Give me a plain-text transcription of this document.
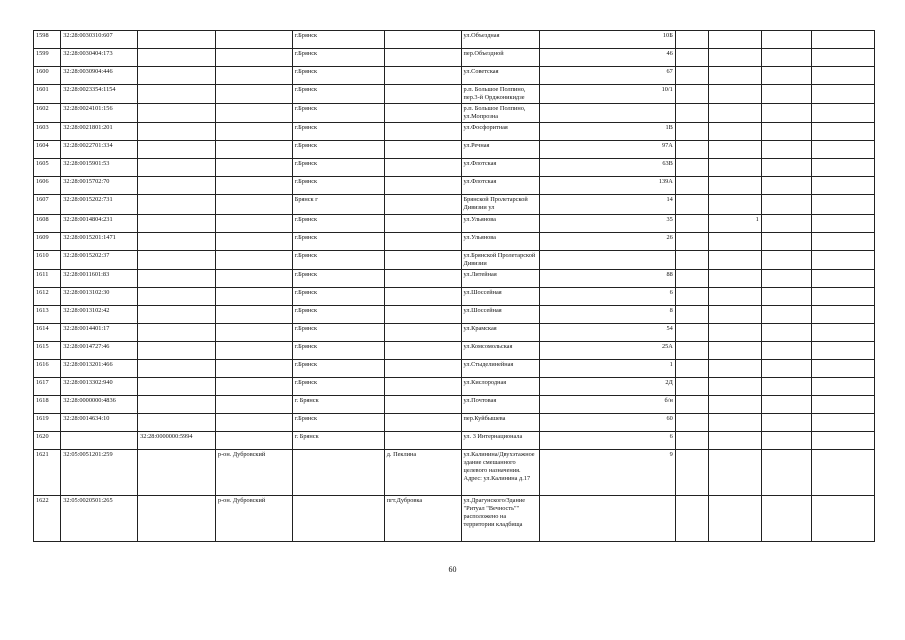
1598	32:28:0030310:607			г.Брянск		ул.Объездная	10Б				
1599	32:28:0030404:173			г.Брянск		пер.Объездной	46				
1600	32:28:0030904:446			г.Брянск		ул.Советская	67				
1601	32:28:0023354:1154			г.Брянск		р.п. Большое Полпино, пер.3-й Орджоникидзе	10/1				
1602	32:28:0024101:156			г.Брянск		р.п. Большое Полпино, ул.Мопрозна					
1603	32:28:0021801:201			г.Брянск		ул.Фосфоритная	1В				
1604	32:28:0022701:334			г.Брянск		ул.Речная	97А				
1605	32:28:0015901:53			г.Брянск		ул.Флотская	63В				
1606	32:28:0015702:70			г.Брянск		ул.Флотская	139А				
1607	32:28:0015202:731			Брянск г		Брянской Пролетарской Дивизии ул	14				
1608	32:28:0014804:231			г.Брянск		ул.Ульянова	35		1		
1609	32:28:0015201:1471			г.Брянск		ул.Ульянова	26				
1610	32:28:0015202:37			г.Брянск		ул.Брянской Пролетарской Дивизии					
1611	32:28:0011601:83			г.Брянск		ул.Литейная	88				
1612	32:28:0013102:30			г.Брянск		ул.Шоссейная	6				
1613	32:28:0013102:42			г.Брянск		ул.Шоссейная	8				
1614	32:28:0014401:17			г.Брянск		ул.Крамская	54				
1615	32:28:0014727:46			г.Брянск		ул.Комсомольская	25А				
1616	32:28:0013201:466			г.Брянск		ул.Стыделинейная	1				
1617	32:28:0013302:940			г.Брянск		ул.Кислородная	2Д				
1618	32:28:0000000:4836			г. Брянск		ул.Почтовая	б/н				
1619	32:28:0014634:10			г.Брянск		пер.Куйбышева	60				
1620		32:28:0000000:5994		г. Брянск		ул. 3 Интернационала	6				
1621	32:05:0051201:259		р-он. Дубровский		д. Пеклина	ул.Калинина/Двухэтажное здание смешанного целевого назначения. Адрес: ул.Калинина д.17	9				
1622	32:05:0020501:265		р-он. Дубровский		пгт.Дубровка	ул.Драгунского/Здание "Ритуал "Вечность"" расположено на территории кладбища					
60
